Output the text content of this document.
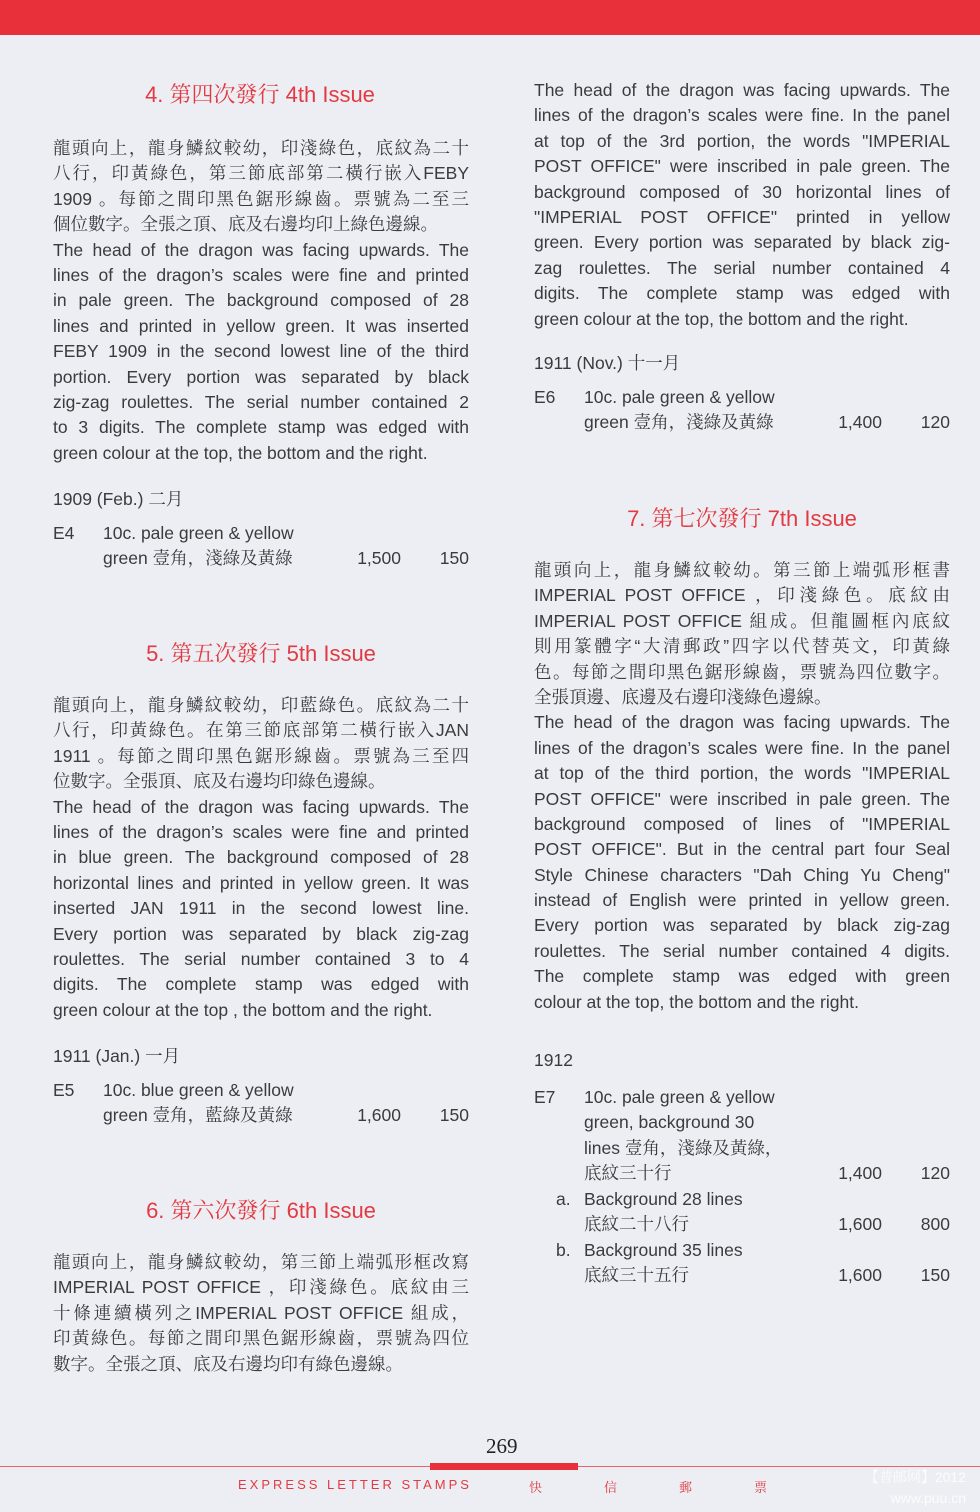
4. 第四次發行 4th Issue
龍頭向上，龍身鱗紋較幼，印淺綠色，底紋為二十
八行，印黃綠色，第三節底部第二橫行嵌入FEBY
1909 。每節之間印黑色鋸形線齒。票號為二至三
個位數字。全張之頂、底及右邊均印上綠色邊線。
The head of the dragon was facing upwards. The
lines of the dragon’s scales were fine and printed
in pale green. The background composed of 28
lines and printed in yellow green. It was inserted
FEBY 1909 in the second lowest line of the third
portion. Every portion was separated by black
zig-zag roulettes. The serial number contained 2
to 3 digits. The complete stamp was edged with
green colour at the top, the bottom and the right.
1909 (Feb.) 二月
E4 10c. pale green & yellow
green 壹角，淺綠及黃綠	1,500 150
5. 第五次發行 5th Issue
龍頭向上，龍身鱗紋較幼，印藍綠色。底紋為二十
八行，印黃綠色。在第三節底部第二橫行嵌入JAN
1911 。每節之間印黑色鋸形線齒。票號為三至四
位數字。全張頂、底及右邊均印綠色邊線。
The head of the dragon was facing upwards. The
lines of the dragon’s scales were fine and printed
in blue green. The background composed of 28
horizontal lines and printed in yellow green. It was
inserted JAN 1911 in the second lowest line.
Every portion was separated by black zig-zag
roulettes. The serial number contained 3 to 4
digits. The complete stamp was edged with
green colour at the top , the bottom and the right.
1911 (Jan.) 一月
E5 10c. blue green & yellow
green 壹角，藍綠及黃綠	1,600 150
6. 第六次發行 6th Issue
龍頭向上，龍身鱗紋較幼，第三節上端弧形框改寫
IMPERIAL POST OFFICE ，印淺綠色。底紋由三
十條連續橫列之IMPERIAL POST OFFICE 組成，
印黃綠色。每節之間印黑色鋸形線齒，票號為四位
數字。全張之頂、底及右邊均印有綠色邊線。
The head of the dragon was facing upwards. The
lines of the dragon’s scales were fine. In the panel
at top of the 3rd portion, the words "IMPERIAL
POST OFFICE" were inscribed in pale green. The
background composed of 30 horizontal lines of
"IMPERIAL POST OFFICE" printed in yellow
green. Every portion was separated by black zig-
zag roulettes. The serial number contained 4
digits. The complete stamp was edged with
green colour at the top, the bottom and the right.
1911 (Nov.) 十一月
E6 10c. pale green & yellow
green 壹角，淺綠及黃綠	1,400 120
7. 第七次發行 7th Issue
龍頭向上，龍身鱗紋較幼。第三節上端弧形框書
IMPERIAL POST OFFICE ，印淺綠色。底紋由
IMPERIAL POST OFFICE 組成。但龍圖框內底紋
則用篆體字“大清郵政”四字以代替英文，印黃綠
色。每節之間印黑色鋸形線齒，票號為四位數字。
全張頂邊、底邊及右邊印淺綠色邊線。
The head of the dragon was facing upwards. The
lines of the dragon’s scales were fine. In the panel
at top of the third portion, the words "IMPERIAL
POST OFFICE" were inscribed in pale green. The
background composed of lines of "IMPERIAL
POST OFFICE". But in the central part four Seal
Style Chinese characters "Dah Ching Yu Cheng"
instead of English were printed in yellow green.
Every portion was separated by black zig-zag
roulettes. The serial number contained 4 digits.
The complete stamp was edged with green
colour at the top, the bottom and the right.
1912
E7 10c. pale green & yellow
green, background 30
lines 壹角，淺綠及黃綠，
底紋三十行	1,400 120
a. Background 28 lines
底紋二十八行	1,600 800
b. Background 35 lines
底紋三十五行	1,600 150
269
EXPRESS LETTER STAMPS	快	信	郵	票
【普邮网】2012
www.puu.cn
